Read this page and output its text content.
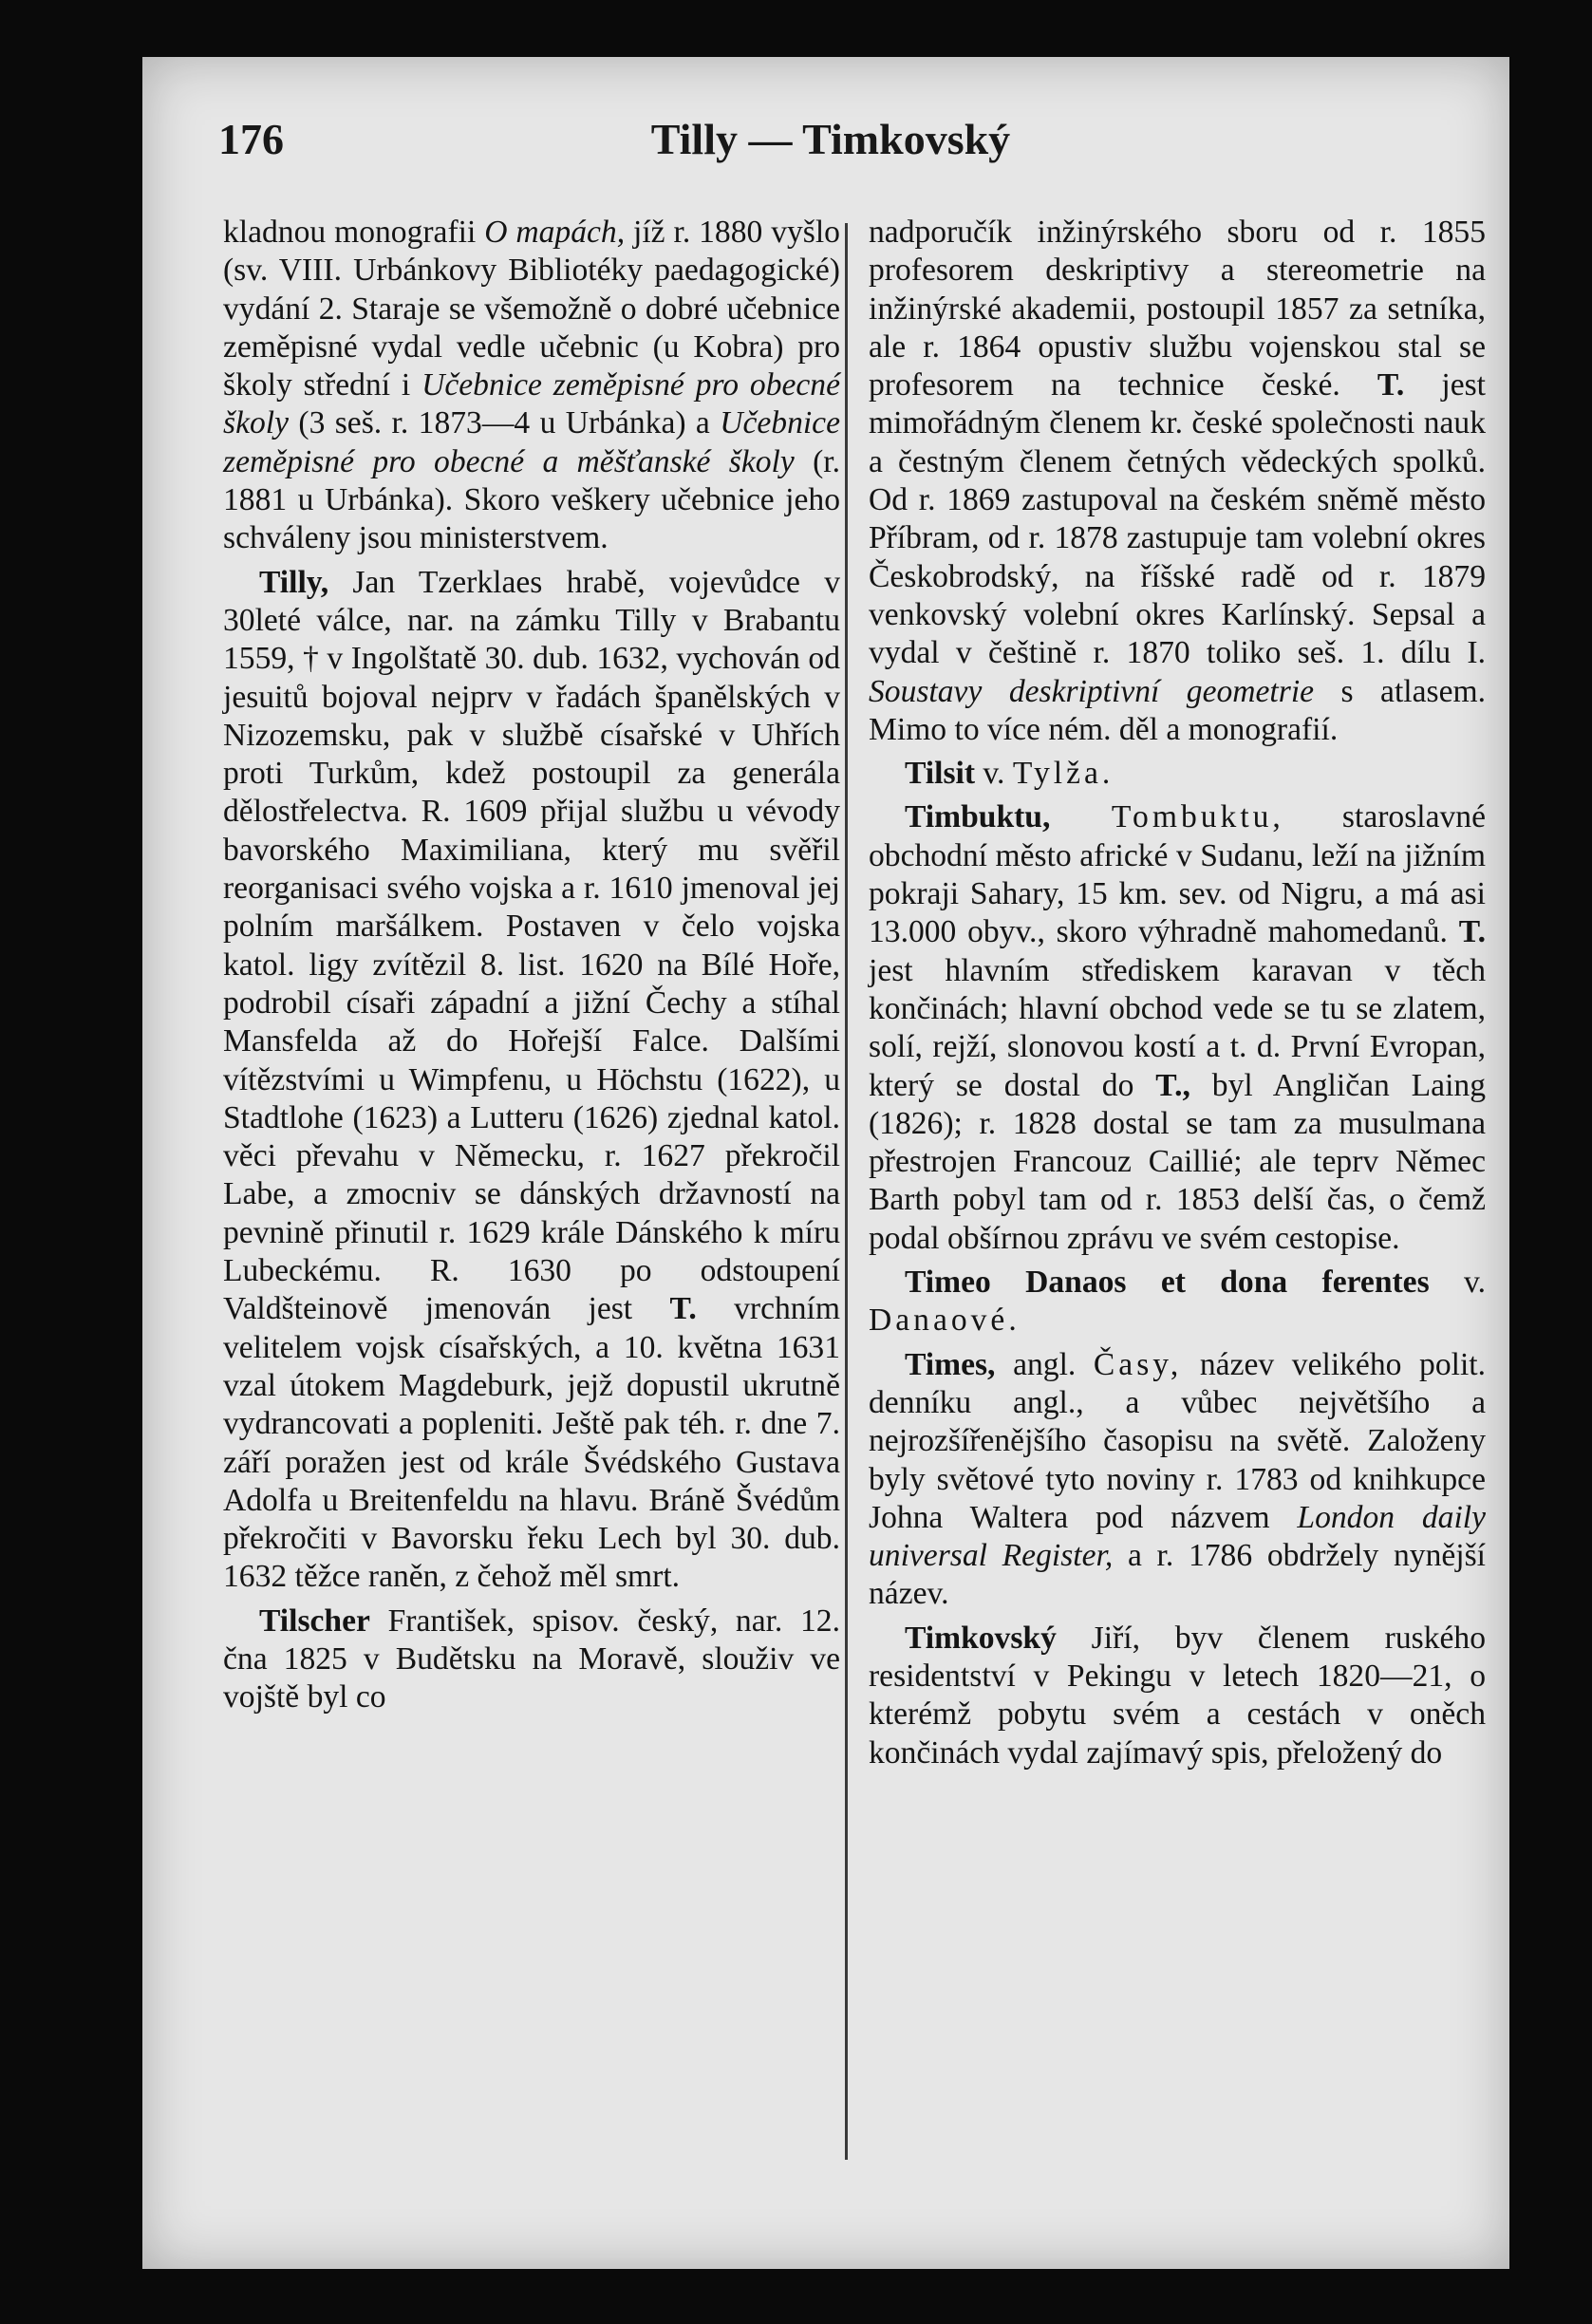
176	Tilly — Timkovský

kladnou monografii O mapách, jíž r. 1880 vyšlo (sv. VIII. Urbánkovy Bibliotéky paedagogické) vydání 2. Staraje se všemožně o dobré učebnice zeměpisné vydal vedle učebnic (u Kobra) pro školy střední i Učebnice zeměpisné pro obecné školy (3 seš. r. 1873—4 u Urbánka) a Učebnice zeměpisné pro obecné a měšťanské školy (r. 1881 u Urbánka). Skoro veškery učebnice jeho schváleny jsou ministerstvem.

Tilly, Jan Tzerklaes hrabě, vojevůdce v 30leté válce, nar. na zámku Tilly v Brabantu 1559, † v Ingolštatě 30. dub. 1632, vychován od jesuitů bojoval nejprv v řadách španělských v Nizozemsku, pak v službě císařské v Uhřích proti Turkům, kdež postoupil za generála dělostřelectva. R. 1609 přijal službu u vévody bavorského Maximiliana, který mu svěřil reorganisaci svého vojska a r. 1610 jmenoval jej polním maršálkem. Postaven v čelo vojska katol. ligy zvítězil 8. list. 1620 na Bílé Hoře, podrobil císaři západní a jižní Čechy a stíhal Mansfelda až do Hořejší Falce. Dalšími vítězstvími u Wimpfenu, u Höchstu (1622), u Stadtlohe (1623) a Lutteru (1626) zjednal katol. věci převahu v Německu, r. 1627 překročil Labe, a zmocniv se dánských državností na pevnině přinutil r. 1629 krále Dánského k míru Lubeckému. R. 1630 po odstoupení Valdšteinově jmenován jest T. vrchním velitelem vojsk císařských, a 10. května 1631 vzal útokem Magdeburk, jejž dopustil ukrutně vydrancovati a popleniti. Ještě pak téh. r. dne 7. září poražen jest od krále Švédského Gustava Adolfa u Breitenfeldu na hlavu. Bráně Švédům překročiti v Bavorsku řeku Lech byl 30. dub. 1632 těžce raněn, z čehož měl smrt.

Tilscher František, spisov. český, nar. 12. čna 1825 v Budětsku na Moravě, slouživ ve vojště byl co

nadporučík inžinýrského sboru od r. 1855 profesorem deskriptivy a stereometrie na inžinýrské akademii, postoupil 1857 za setníka, ale r. 1864 opustiv službu vojenskou stal se profesorem na technice české. T. jest mimořádným členem kr. české společnosti nauk a čestným členem četných vědeckých spolků. Od r. 1869 zastupoval na českém sněmě město Příbram, od r. 1878 zastupuje tam volební okres Českobrodský, na říšské radě od r. 1879 venkovský volební okres Karlínský. Sepsal a vydal v češtině r. 1870 toliko seš. 1. dílu I. Soustavy deskriptivní geometrie s atlasem. Mimo to více ném. děl a monografií.

Tilsit v. Tylža.

Timbuktu, Tombuktu, staroslavné obchodní město africké v Sudanu, leží na jižním pokraji Sahary, 15 km. sev. od Nigru, a má asi 13.000 obyv., skoro výhradně mahomedanů. T. jest hlavním střediskem karavan v těch končinách; hlavní obchod vede se tu se zlatem, solí, rejží, slonovou kostí a t. d. První Evropan, který se dostal do T., byl Angličan Laing (1826); r. 1828 dostal se tam za musulmana přestrojen Francouz Caillié; ale teprv Němec Barth pobyl tam od r. 1853 delší čas, o čemž podal obšírnou zprávu ve svém cestopise.

Timeo Danaos et dona ferentes v. Danaové.

Times, angl. Časy, název velikého polit. denníku angl., a vůbec největšího a nejrozšířenějšího časopisu na světě. Založeny byly světové tyto noviny r. 1783 od knihkupce Johna Waltera pod názvem London daily universal Register, a r. 1786 obdržely nynější název.

Timkovský Jiří, byv členem ruského residentství v Pekingu v letech 1820—21, o kterémž pobytu svém a cestách v oněch končinách vydal zajímavý spis, přeložený do
